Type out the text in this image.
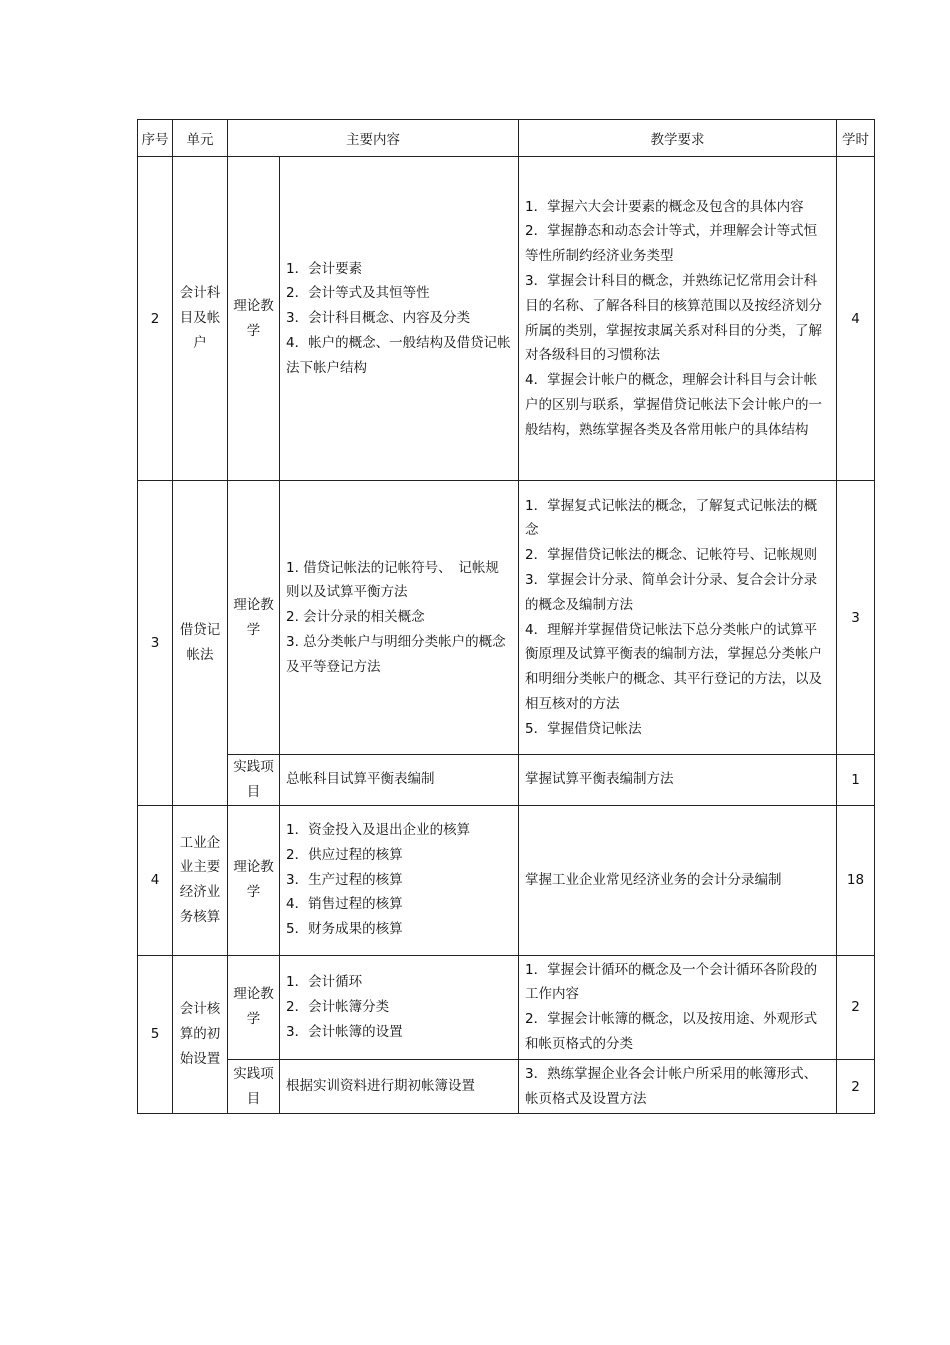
序号	单元	主要内容		教学要求	学时
2	会计科目及帐户	理论教学	1．会计要素
2．会计等式及其恒等性
3．会计科目概念、内容及分类
4．帐户的概念、一般结构及借贷记帐法下帐户结构	1．掌握六大会计要素的概念及包含的具体内容
2．掌握静态和动态会计等式，并理解会计等式恒等性所制约经济业务类型
3．掌握会计科目的概念，并熟练记忆常用会计科目的名称、了解各科目的核算范围以及按经济划分所属的类别，掌握按隶属关系对科目的分类，了解对各级科目的习惯称法
4．掌握会计帐户的概念，理解会计科目与会计帐户的区别与联系，掌握借贷记帐法下会计帐户的一般结构，熟练掌握各类及各常用帐户的具体结构	4
3	借贷记帐法	理论教学	1. 借贷记帐法的记帐符号、　记帐规则以及试算平衡方法
2. 会计分录的相关概念
3. 总分类帐户与明细分类帐户的概念及平等登记方法	1．掌握复式记帐法的概念，了解复式记帐法的概念
2．掌握借贷记帐法的概念、记帐符号、记帐规则
3．掌握会计分录、简单会计分录、复合会计分录的概念及编制方法
4．理解并掌握借贷记帐法下总分类帐户的试算平衡原理及试算平衡表的编制方法，掌握总分类帐户和明细分类帐户的概念、其平行登记的方法，以及相互核对的方法
5．掌握借贷记帐法	3
		实践项目	总帐科目试算平衡表编制	掌握试算平衡表编制方法	1
4	工业企业主要经济业务核算	理论教学	1．资金投入及退出企业的核算
2．供应过程的核算
3．生产过程的核算
4．销售过程的核算
5．财务成果的核算	掌握工业企业常见经济业务的会计分录编制	18
5	会计核算的初始设置	理论教学	1．会计循环
2．会计帐簿分类
3．会计帐簿的设置	1．掌握会计循环的概念及一个会计循环各阶段的工作内容
2．掌握会计帐簿的概念，以及按用途、外观形式和帐页格式的分类	2
		实践项目	根据实训资料进行期初帐簿设置	3．熟练掌握企业各会计帐户所采用的帐簿形式、帐页格式及设置方法	2
